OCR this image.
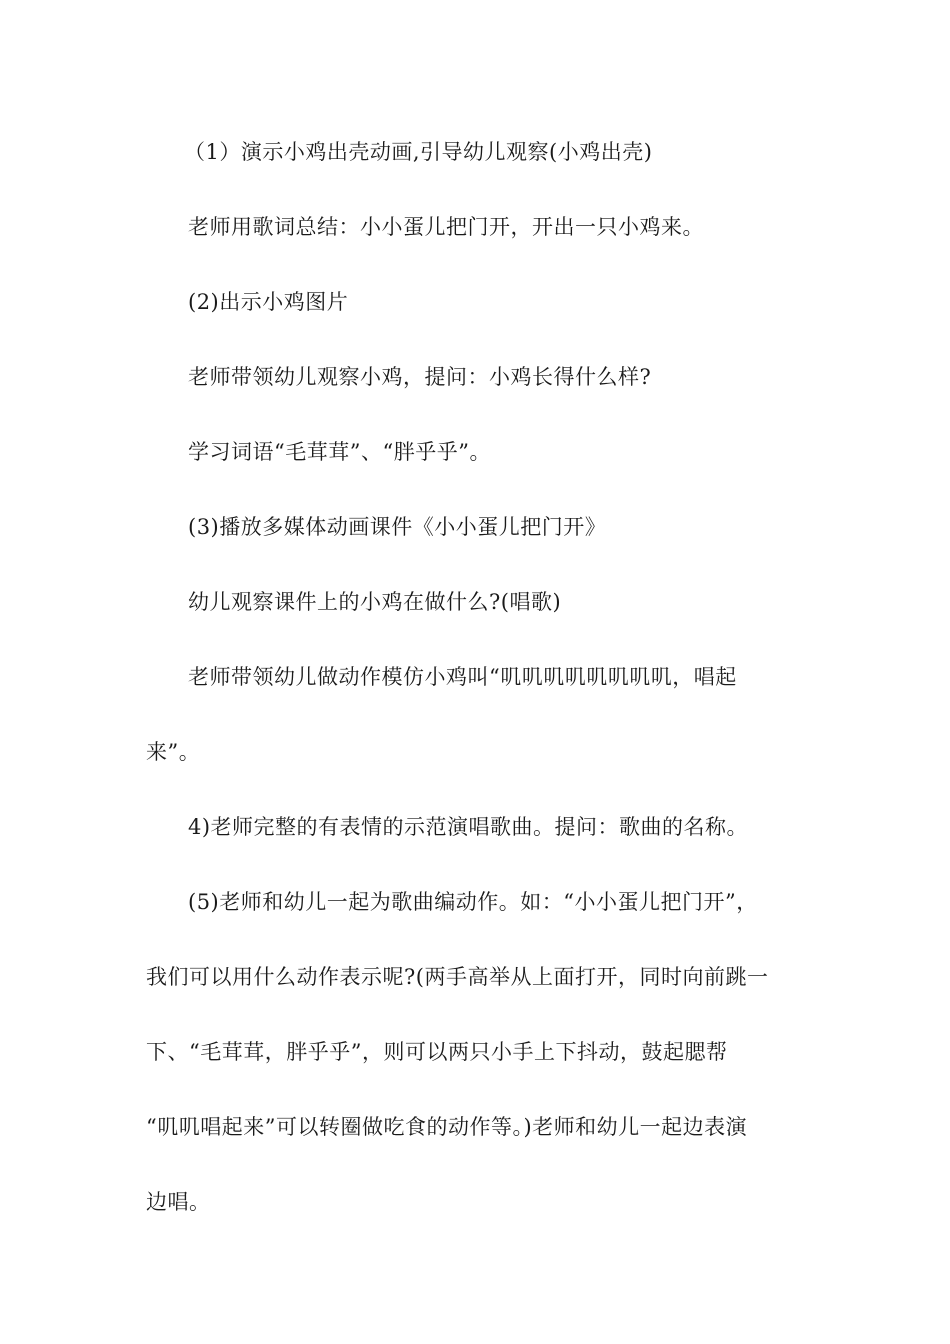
（1）演示小鸡出壳动画,引导幼儿观察(小鸡出壳)
老师用歌词总结：小小蛋儿把门开，开出一只小鸡来。
(2)出示小鸡图片
老师带领幼儿观察小鸡，提问：小鸡长得什么样?
学习词语“毛茸茸”、“胖乎乎”。
(3)播放多媒体动画课件《小小蛋儿把门开》
幼儿观察课件上的小鸡在做什么?(唱歌)
老师带领幼儿做动作模仿小鸡叫“叽叽叽叽叽叽叽叽，唱起
来”。
4)老师完整的有表情的示范演唱歌曲。提问：歌曲的名称。
(5)老师和幼儿一起为歌曲编动作。如：“小小蛋儿把门开”，
我们可以用什么动作表示呢?(两手高举从上面打开，同时向前跳一
下、“毛茸茸，胖乎乎”，则可以两只小手上下抖动，鼓起腮帮
“叽叽唱起来”可以转圈做吃食的动作等。)老师和幼儿一起边表演
边唱。
